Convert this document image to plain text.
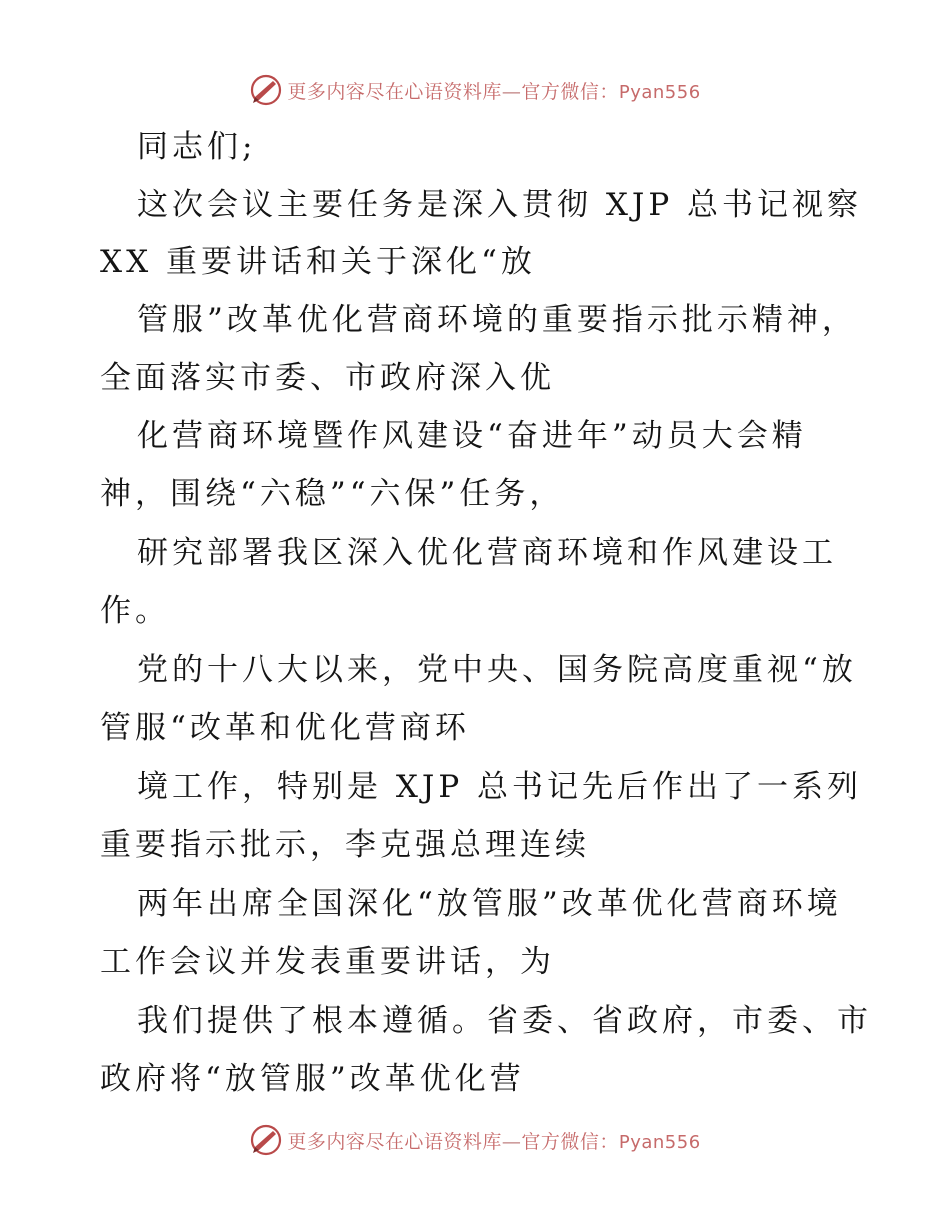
更多内容尽在心语资料库—官方微信：Pyan556
同志们;
这次会议主要任务是深入贯彻 XJP 总书记视察
XX 重要讲话和关于深化“放
管服”改革优化营商环境的重要指示批示精神，
全面落实市委、市政府深入优
化营商环境暨作风建设“奋进年”动员大会精
神，围绕“六稳”“六保”任务，
研究部署我区深入优化营商环境和作风建设工
作。
党的十八大以来，党中央、国务院高度重视“放
管服“改革和优化营商环
境工作，特别是 XJP 总书记先后作出了一系列
重要指示批示，李克强总理连续
两年出席全国深化“放管服”改革优化营商环境
工作会议并发表重要讲话，为
我们提供了根本遵循。省委、省政府，市委、市
政府将“放管服”改革优化营
更多内容尽在心语资料库—官方微信：Pyan556
